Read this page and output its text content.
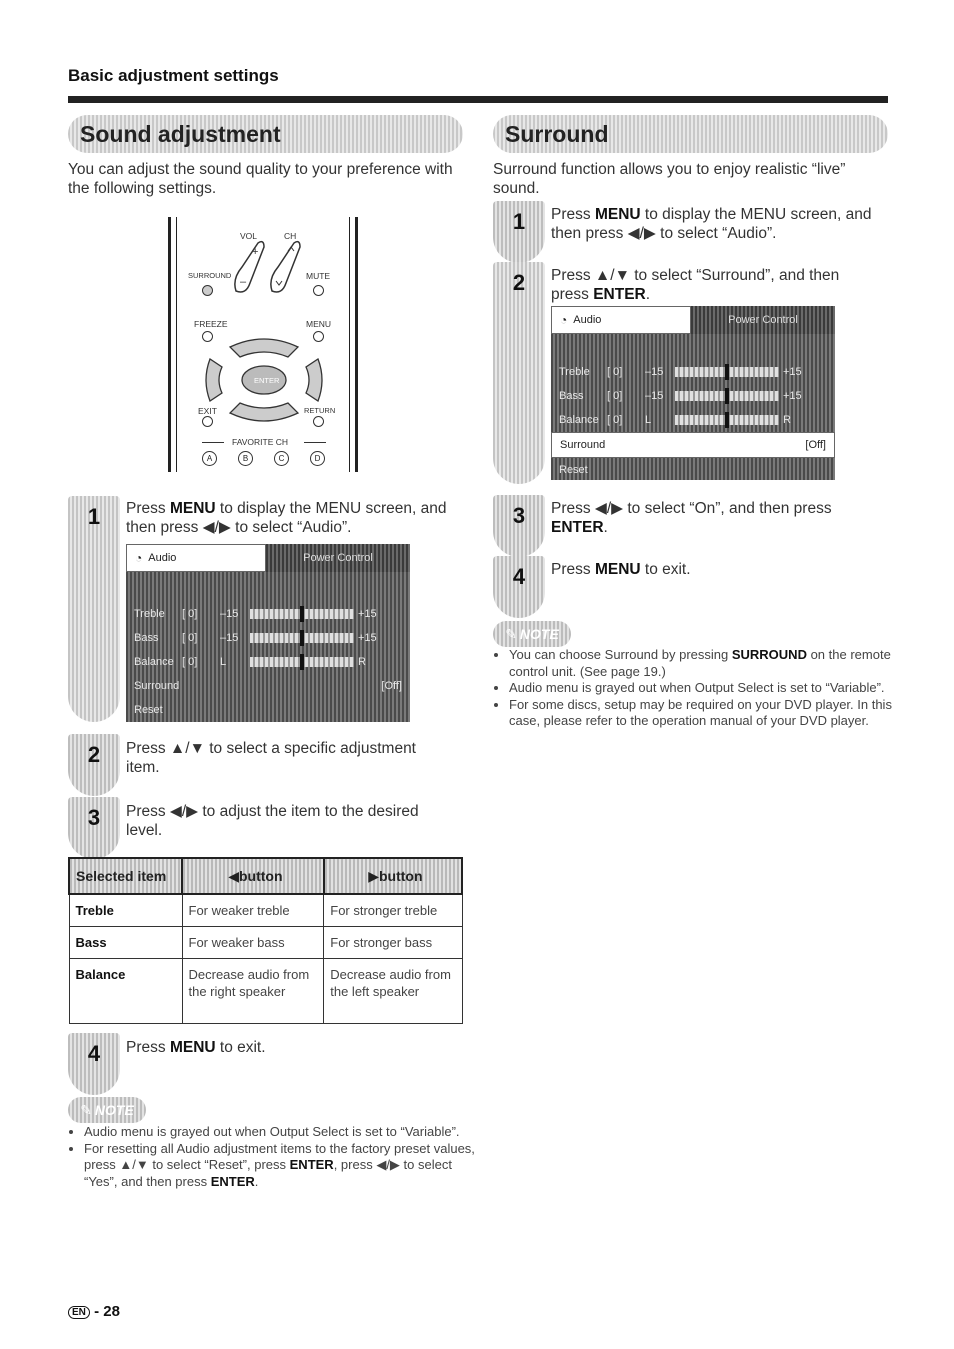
Basic adjustment settings
Sound adjustment
You can adjust the sound quality to your preference with the following settings.
VOL	CH
+
–
SURROUND	MUTE
FREEZE	MENU
ENTER
EXIT	RETURN
FAVORITE CH
A	B	C	D
1 Press MENU to display the MENU screen, and then press ◀/▶ to select “Audio”.
◔ Audio	Power Control
Treble	[ 0]	–15	+15
Bass	[ 0]	–15	+15
Balance [ 0]	L	R
Surround	[Off]
Reset
2 Press ▲/▼ to select a specific adjustment item.
3 Press ◀/▶ to adjust the item to the desired level.
Selected item	◀button	▶button
Treble	For weaker treble	For stronger treble
Bass	For weaker bass	For stronger bass
Balance	Decrease audio from the right speaker	Decrease audio from the left speaker
4 Press MENU to exit.
✎ NOTE
• Audio menu is grayed out when Output Select is set to “Variable”.
• For resetting all Audio adjustment items to the factory preset values, press ▲/▼ to select “Reset”, press ENTER, press ◀/▶ to select “Yes”, and then press ENTER.
Surround
Surround function allows you to enjoy realistic “live” sound.
1 Press MENU to display the MENU screen, and then press ◀/▶ to select “Audio”.
2 Press ▲/▼ to select “Surround”, and then press ENTER.
◔ Audio	Power Control
Treble	[ 0]	–15	+15
Bass	[ 0]	–15	+15
Balance [ 0]	L	R
Surround	[Off]
Reset
3 Press ◀/▶ to select “On”, and then press ENTER.
4 Press MENU to exit.
✎ NOTE
• You can choose Surround by pressing SURROUND on the remote control unit. (See page 19.)
• Audio menu is grayed out when Output Select is set to “Variable”.
• For some discs, setup may be required on your DVD player. In this case, please refer to the operation manual of your DVD player.
EN - 28
